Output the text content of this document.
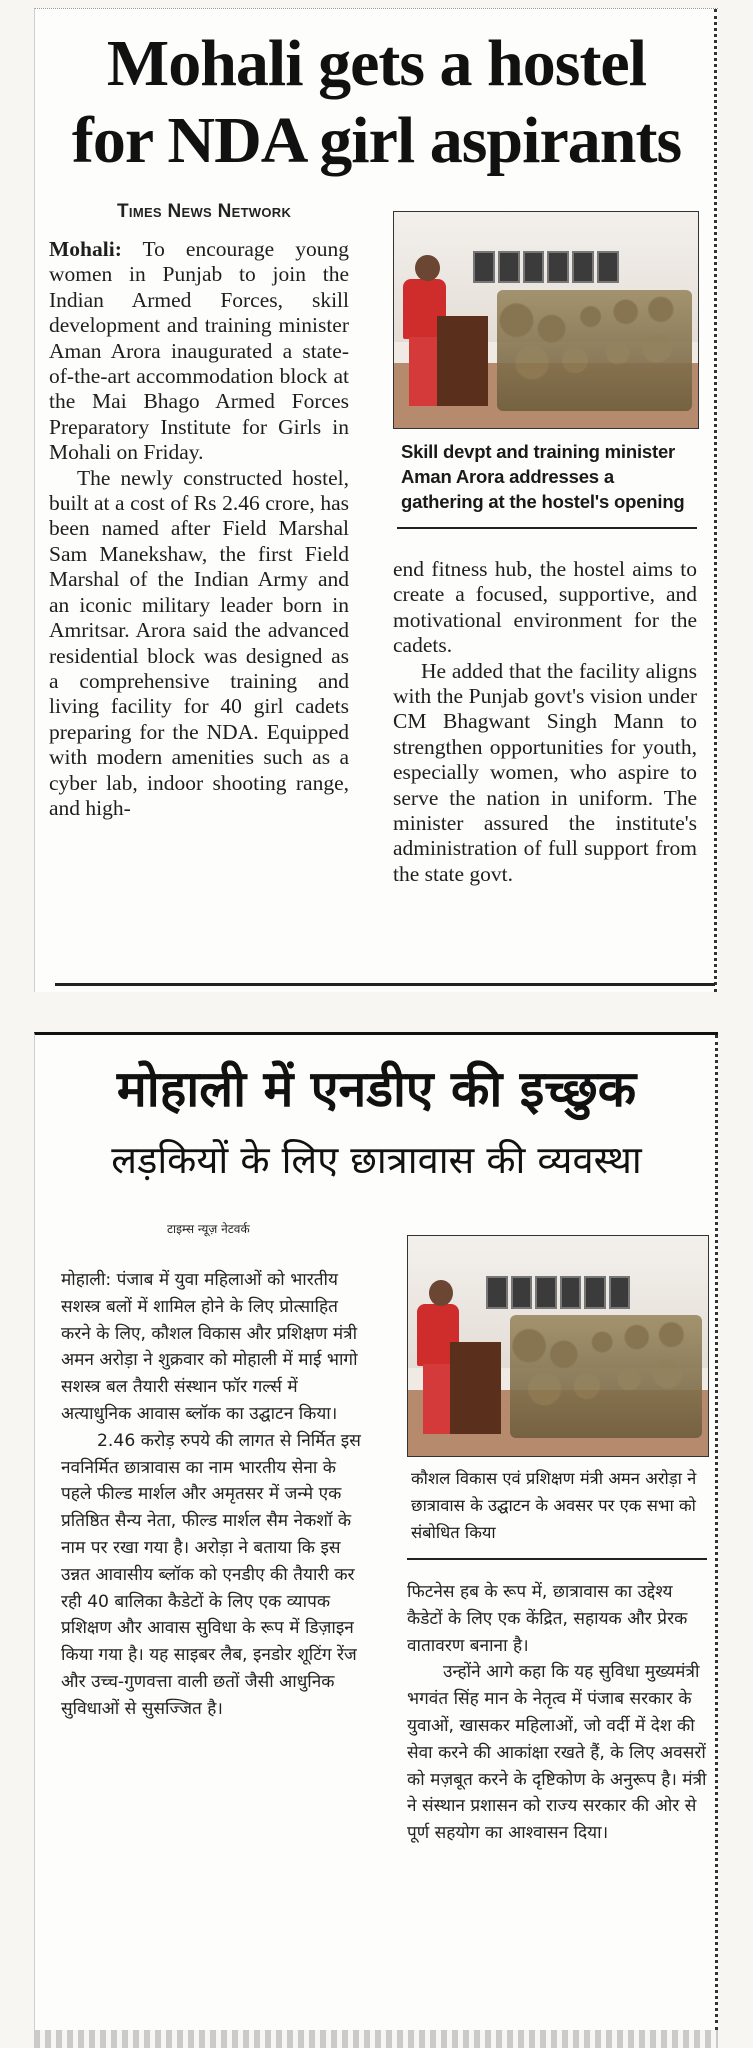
Mohali gets a hostel
for NDA girl aspirants
Times News Network

Mohali: To encourage young women in Punjab to join the Indian Armed Forces, skill development and training minister Aman Arora inaugurated a state-of-the-art accommodation block at the Mai Bhago Armed Forces Preparatory Institute for Girls in Mohali on Friday.

The newly constructed hostel, built at a cost of Rs 2.46 crore, has been named after Field Marshal Sam Manekshaw, the first Field Marshal of the Indian Army and an iconic military leader born in Amritsar. Arora said the advanced residential block was designed as a comprehensive training and living facility for 40 girl cadets preparing for the NDA. Equipped with modern amenities such as a cyber lab, indoor shooting range, and high-

Skill devpt and training minister Aman Arora addresses a gathering at the hostel's opening

end fitness hub, the hostel aims to create a focused, supportive, and motivational environment for the cadets.

He added that the facility aligns with the Punjab govt's vision under CM Bhagwant Singh Mann to strengthen opportunities for youth, especially women, who aspire to serve the nation in uniform. The minister assured the institute's administration of full support from the state govt.

मोहाली में एनडीए की इच्छुक
लड़कियों के लिए छात्रावास की व्यवस्था
टाइम्स न्यूज़ नेटवर्क

मोहाली: पंजाब में युवा महिलाओं को भारतीय सशस्त्र बलों में शामिल होने के लिए प्रोत्साहित करने के लिए, कौशल विकास और प्रशिक्षण मंत्री अमन अरोड़ा ने शुक्रवार को मोहाली में माई भागो सशस्त्र बल तैयारी संस्थान फॉर गर्ल्स में अत्याधुनिक आवास ब्लॉक का उद्घाटन किया।

2.46 करोड़ रुपये की लागत से निर्मित इस नवनिर्मित छात्रावास का नाम भारतीय सेना के पहले फील्ड मार्शल और अमृतसर में जन्मे एक प्रतिष्ठित सैन्य नेता, फील्ड मार्शल सैम नेकशॉ के नाम पर रखा गया है। अरोड़ा ने बताया कि इस उन्नत आवासीय ब्लॉक को एनडीए की तैयारी कर रही 40 बालिका कैडेटों के लिए एक व्यापक प्रशिक्षण और आवास सुविधा के रूप में डिज़ाइन किया गया है। यह साइबर लैब, इनडोर शूटिंग रेंज और उच्च-गुणवत्ता वाली छतों जैसी आधुनिक सुविधाओं से सुसज्जित है।

कौशल विकास एवं प्रशिक्षण मंत्री अमन अरोड़ा ने छात्रावास के उद्घाटन के अवसर पर एक सभा को संबोधित किया

फिटनेस हब के रूप में, छात्रावास का उद्देश्य कैडेटों के लिए एक केंद्रित, सहायक और प्रेरक वातावरण बनाना है।

उन्होंने आगे कहा कि यह सुविधा मुख्यमंत्री भगवंत सिंह मान के नेतृत्व में पंजाब सरकार के युवाओं, खासकर महिलाओं, जो वर्दी में देश की सेवा करने की आकांक्षा रखते हैं, के लिए अवसरों को मज़बूत करने के दृष्टिकोण के अनुरूप है। मंत्री ने संस्थान प्रशासन को राज्य सरकार की ओर से पूर्ण सहयोग का आश्वासन दिया।
